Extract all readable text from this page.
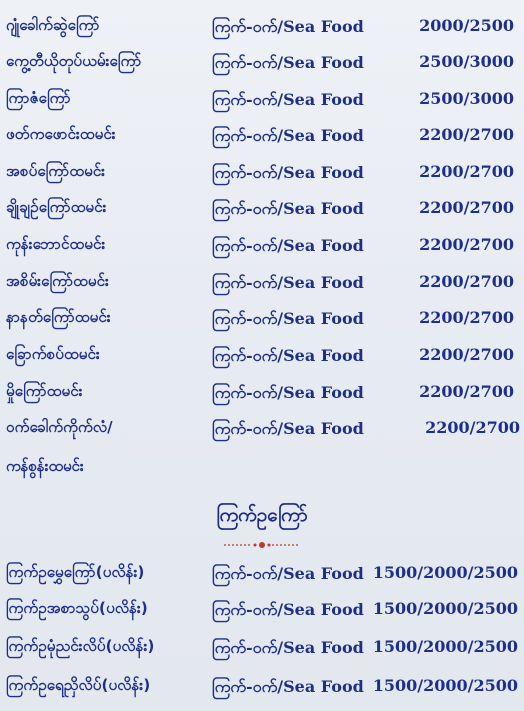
ဂျုံခေါက်ဆွဲကြော်	ကြက်-ဝက်/Sea Food	2000/2500
ကွေ့တီယိုတုပ်ယမ်းကြော်	ကြက်-ဝက်/Sea Food	2500/3000
ကြာဇံကြော်	ကြက်-ဝက်/Sea Food	2500/3000
ဖတ်ကဖောင်းထမင်း	ကြက်-ဝက်/Sea Food	2200/2700
အစပ်ကြော်ထမင်း	ကြက်-ဝက်/Sea Food	2200/2700
ချိုချဉ်ကြော်ထမင်း	ကြက်-ဝက်/Sea Food	2200/2700
ကုန်းဘောင်ထမင်း	ကြက်-ဝက်/Sea Food	2200/2700
အစိမ်းကြော်ထမင်း	ကြက်-ဝက်/Sea Food	2200/2700
နာနတ်ကြော်ထမင်း	ကြက်-ဝက်/Sea Food	2200/2700
ခြောက်စပ်ထမင်း	ကြက်-ဝက်/Sea Food	2200/2700
မှိုကြော်ထမင်း	ကြက်-ဝက်/Sea Food	2200/2700
ဝက်ခေါက်ကိုက်လံ/	ကြက်-ဝက်/Sea Food	2200/2700
ကန်စွန်းထမင်း
ကြက်ဥကြော်
ကြက်ဥမွှေကြော်(ပလိန်း)	ကြက်-ဝက်/Sea Food 1500/2000/2500
ကြက်ဥအစာသွပ်(ပလိန်း)	ကြက်-ဝက်/Sea Food 1500/2000/2500
ကြက်ဥမုံညင်းလိပ်(ပလိန်း)	ကြက်-ဝက်/Sea Food 1500/2000/2500
ကြက်ဥရေညှိလိပ်(ပလိန်း)	ကြက်-ဝက်/Sea Food 1500/2000/2500
